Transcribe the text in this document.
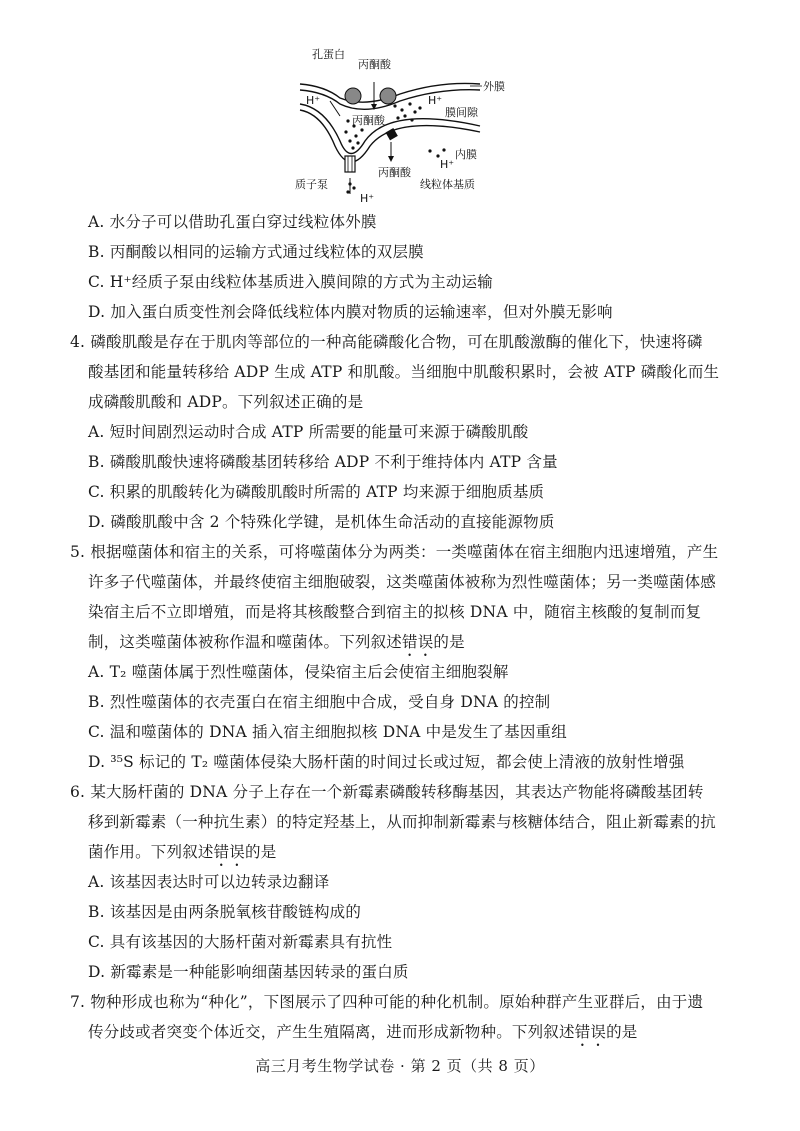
孔蛋白
丙酮酸
外膜
H⁺	H⁺
膜间隙
丙酮酸
内膜
H⁺
丙酮酸
质子泵	线粒体基质
H⁺
A. 水分子可以借助孔蛋白穿过线粒体外膜
B. 丙酮酸以相同的运输方式通过线粒体的双层膜
C. H⁺经质子泵由线粒体基质进入膜间隙的方式为主动运输
D. 加入蛋白质变性剂会降低线粒体内膜对物质的运输速率，但对外膜无影响
4. 磷酸肌酸是存在于肌肉等部位的一种高能磷酸化合物，可在肌酸激酶的催化下，快速将磷
酸基团和能量转移给 ADP 生成 ATP 和肌酸。当细胞中肌酸积累时，会被 ATP 磷酸化而生
成磷酸肌酸和 ADP。下列叙述正确的是
A. 短时间剧烈运动时合成 ATP 所需要的能量可来源于磷酸肌酸
B. 磷酸肌酸快速将磷酸基团转移给 ADP 不利于维持体内 ATP 含量
C. 积累的肌酸转化为磷酸肌酸时所需的 ATP 均来源于细胞质基质
D. 磷酸肌酸中含 2 个特殊化学键，是机体生命活动的直接能源物质
5. 根据噬菌体和宿主的关系，可将噬菌体分为两类：一类噬菌体在宿主细胞内迅速增殖，产生
许多子代噬菌体，并最终使宿主细胞破裂，这类噬菌体被称为烈性噬菌体；另一类噬菌体感
染宿主后不立即增殖，而是将其核酸整合到宿主的拟核 DNA 中，随宿主核酸的复制而复
制，这类噬菌体被称作温和噬菌体。下列叙述错误的是
A. T₂ 噬菌体属于烈性噬菌体，侵染宿主后会使宿主细胞裂解
B. 烈性噬菌体的衣壳蛋白在宿主细胞中合成，受自身 DNA 的控制
C. 温和噬菌体的 DNA 插入宿主细胞拟核 DNA 中是发生了基因重组
D. ³⁵S 标记的 T₂ 噬菌体侵染大肠杆菌的时间过长或过短，都会使上清液的放射性增强
6. 某大肠杆菌的 DNA 分子上存在一个新霉素磷酸转移酶基因，其表达产物能将磷酸基团转
移到新霉素（一种抗生素）的特定羟基上，从而抑制新霉素与核糖体结合，阻止新霉素的抗
菌作用。下列叙述错误的是
A. 该基因表达时可以边转录边翻译
B. 该基因是由两条脱氧核苷酸链构成的
C. 具有该基因的大肠杆菌对新霉素具有抗性
D. 新霉素是一种能影响细菌基因转录的蛋白质
7. 物种形成也称为“种化”，下图展示了四种可能的种化机制。原始种群产生亚群后，由于遗
传分歧或者突变个体近交，产生生殖隔离，进而形成新物种。下列叙述错误的是
高三月考生物学试卷 · 第 2 页（共 8 页）
